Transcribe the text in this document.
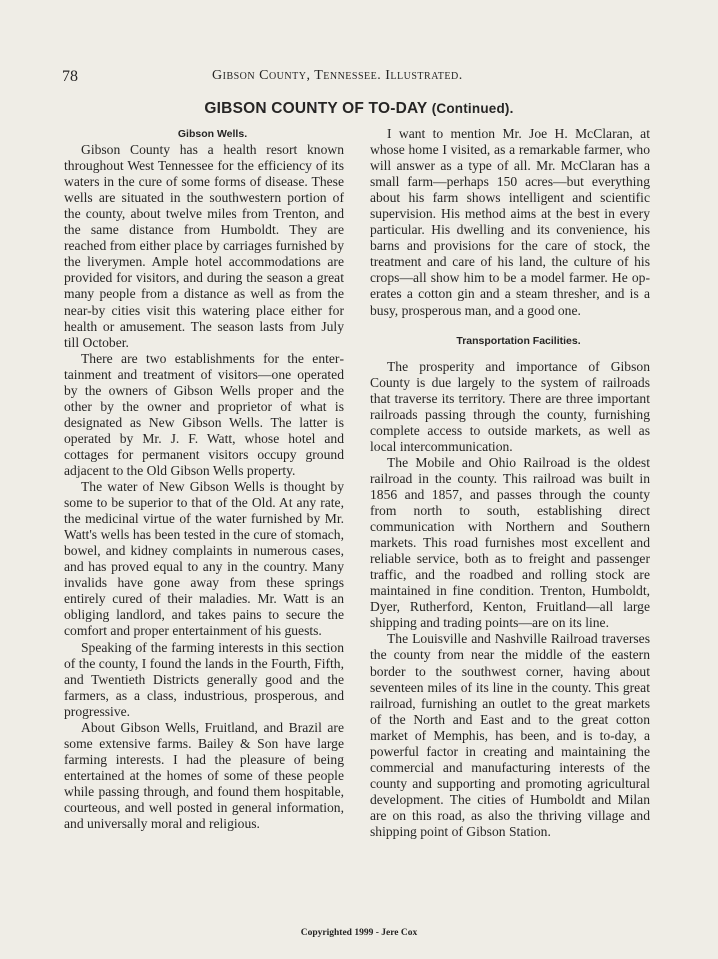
78	Gibson County, Tennessee. Illustrated.
GIBSON COUNTY OF TO-DAY (Continued).

Gibson Wells.

Gibson County has a health resort known throughout West Tennessee for the efficiency of its waters in the cure of some forms of disease. These wells are situated in the southwestern portion of the county, about twelve miles from Trenton, and the same distance from Humboldt. They are reached from either place by carriages furnished by the liverymen. Ample hotel accommodations are provided for visitors, and during the season a great many people from a distance as well as from the near-by cities visit this watering place either for health or amusement. The season lasts from July till October.

There are two establishments for the entertainment and treatment of visitors—one operated by the owners of Gibson Wells proper and the other by the owner and proprietor of what is designated as New Gibson Wells. The latter is operated by Mr. J. F. Watt, whose hotel and cottages for permanent visitors occupy ground adjacent to the Old Gibson Wells property.

The water of New Gibson Wells is thought by some to be superior to that of the Old. At any rate, the medicinal virtue of the water furnished by Mr. Watt's wells has been tested in the cure of stomach, bowel, and kidney complaints in numerous cases, and has proved equal to any in the country. Many invalids have gone away from these springs entirely cured of their maladies. Mr. Watt is an obliging landlord, and takes pains to secure the comfort and proper entertainment of his guests.

Speaking of the farming interests in this section of the county, I found the lands in the Fourth, Fifth, and Twentieth Districts generally good and the farmers, as a class, industrious, prosperous, and progressive.

About Gibson Wells, Fruitland, and Brazil are some extensive farms. Bailey & Son have large farming interests. I had the pleasure of being entertained at the homes of some of these people while passing through, and found them hospitable, courteous, and well posted in general information, and universally moral and religious.

I want to mention Mr. Joe H. McClaran, at whose home I visited, as a remarkable farmer, who will answer as a type of all. Mr. McClaran has a small farm—perhaps 150 acres—but everything about his farm shows intelligent and scientific supervision. His method aims at the best in every particular. His dwelling and its convenience, his barns and provisions for the care of stock, the treatment and care of his land, the culture of his crops—all show him to be a model farmer. He operates a cotton gin and a steam thresher, and is a busy, prosperous man, and a good one.

Transportation Facilities.

The prosperity and importance of Gibson County is due largely to the system of railroads that traverse its territory. There are three important railroads passing through the county, furnishing complete access to outside markets, as well as local intercommunication.

The Mobile and Ohio Railroad is the oldest railroad in the county. This railroad was built in 1856 and 1857, and passes through the county from north to south, establishing direct communication with Northern and Southern markets. This road furnishes most excellent and reliable service, both as to freight and passenger traffic, and the roadbed and rolling stock are maintained in fine condition. Trenton, Humboldt, Dyer, Rutherford, Kenton, Fruitland—all large shipping and trading points—are on its line.

The Louisville and Nashville Railroad traverses the county from near the middle of the eastern border to the southwest corner, having about seventeen miles of its line in the county. This great railroad, furnishing an outlet to the great markets of the North and East and to the great cotton market of Memphis, has been, and is to-day, a powerful factor in creating and maintaining the commercial and manufacturing interests of the county and supporting and promoting agricultural development. The cities of Humboldt and Milan are on this road, as also the thriving village and shipping point of Gibson Station.

Copyrighted 1999 - Jere Cox
